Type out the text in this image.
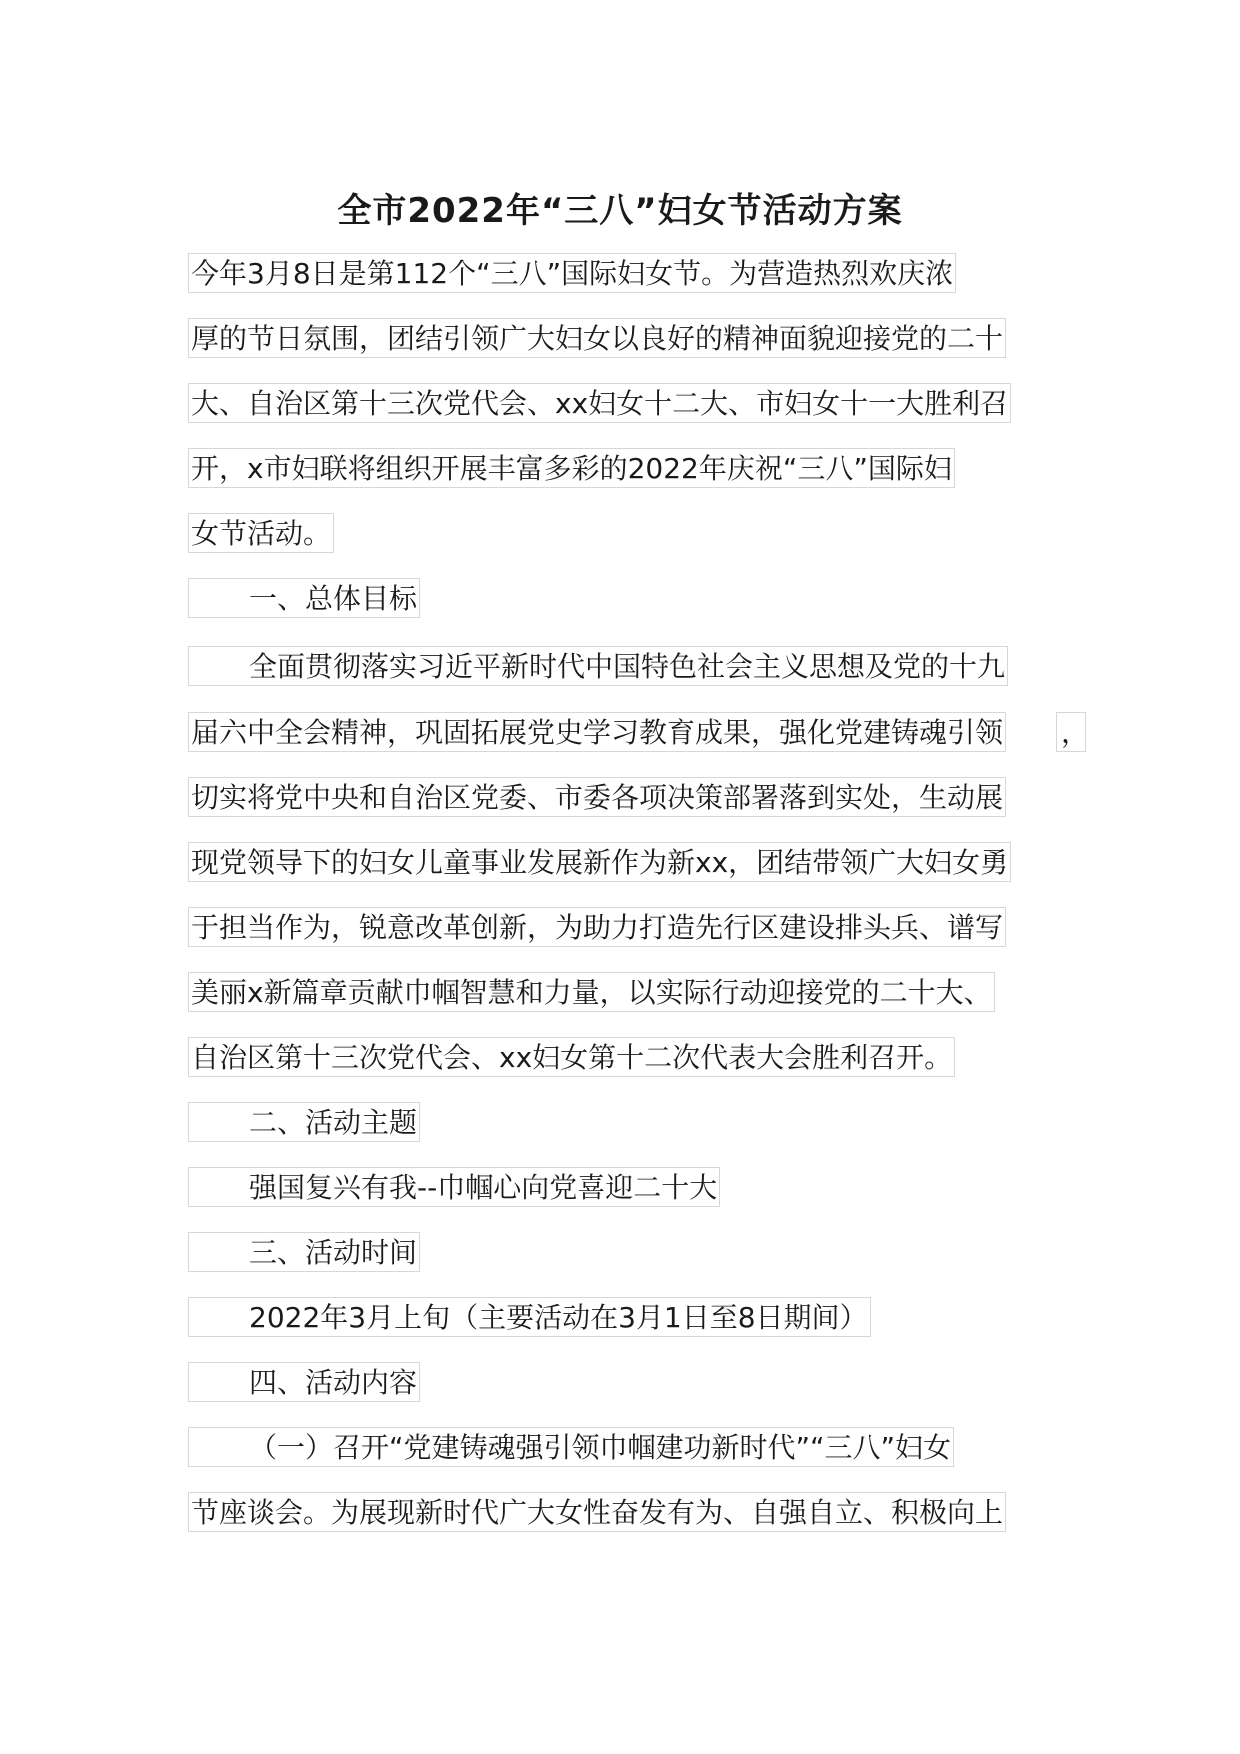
全市2022年“三八”妇女节活动方案
今年3月8日是第112个“三八”国际妇女节。为营造热烈欢庆浓
厚的节日氛围，团结引领广大妇女以良好的精神面貌迎接党的二十
大、自治区第十三次党代会、xx妇女十二大、市妇女十一大胜利召
开，x市妇联将组织开展丰富多彩的2022年庆祝“三八”国际妇
女节活动。
一、总体目标
全面贯彻落实习近平新时代中国特色社会主义思想及党的十九
届六中全会精神，巩固拓展党史学习教育成果，强化党建铸魂引领 ，
切实将党中央和自治区党委、市委各项决策部署落到实处，生动展
现党领导下的妇女儿童事业发展新作为新xx，团结带领广大妇女勇
于担当作为，锐意改革创新，为助力打造先行区建设排头兵、谱写
美丽x新篇章贡献巾帼智慧和力量，以实际行动迎接党的二十大、
自治区第十三次党代会、xx妇女第十二次代表大会胜利召开。
二、活动主题
强国复兴有我--巾帼心向党喜迎二十大
三、活动时间
2022年3月上旬（主要活动在3月1日至8日期间）
四、活动内容
（一）召开“党建铸魂强引领巾帼建功新时代”“三八”妇女
节座谈会。为展现新时代广大女性奋发有为、自强自立、积极向上
